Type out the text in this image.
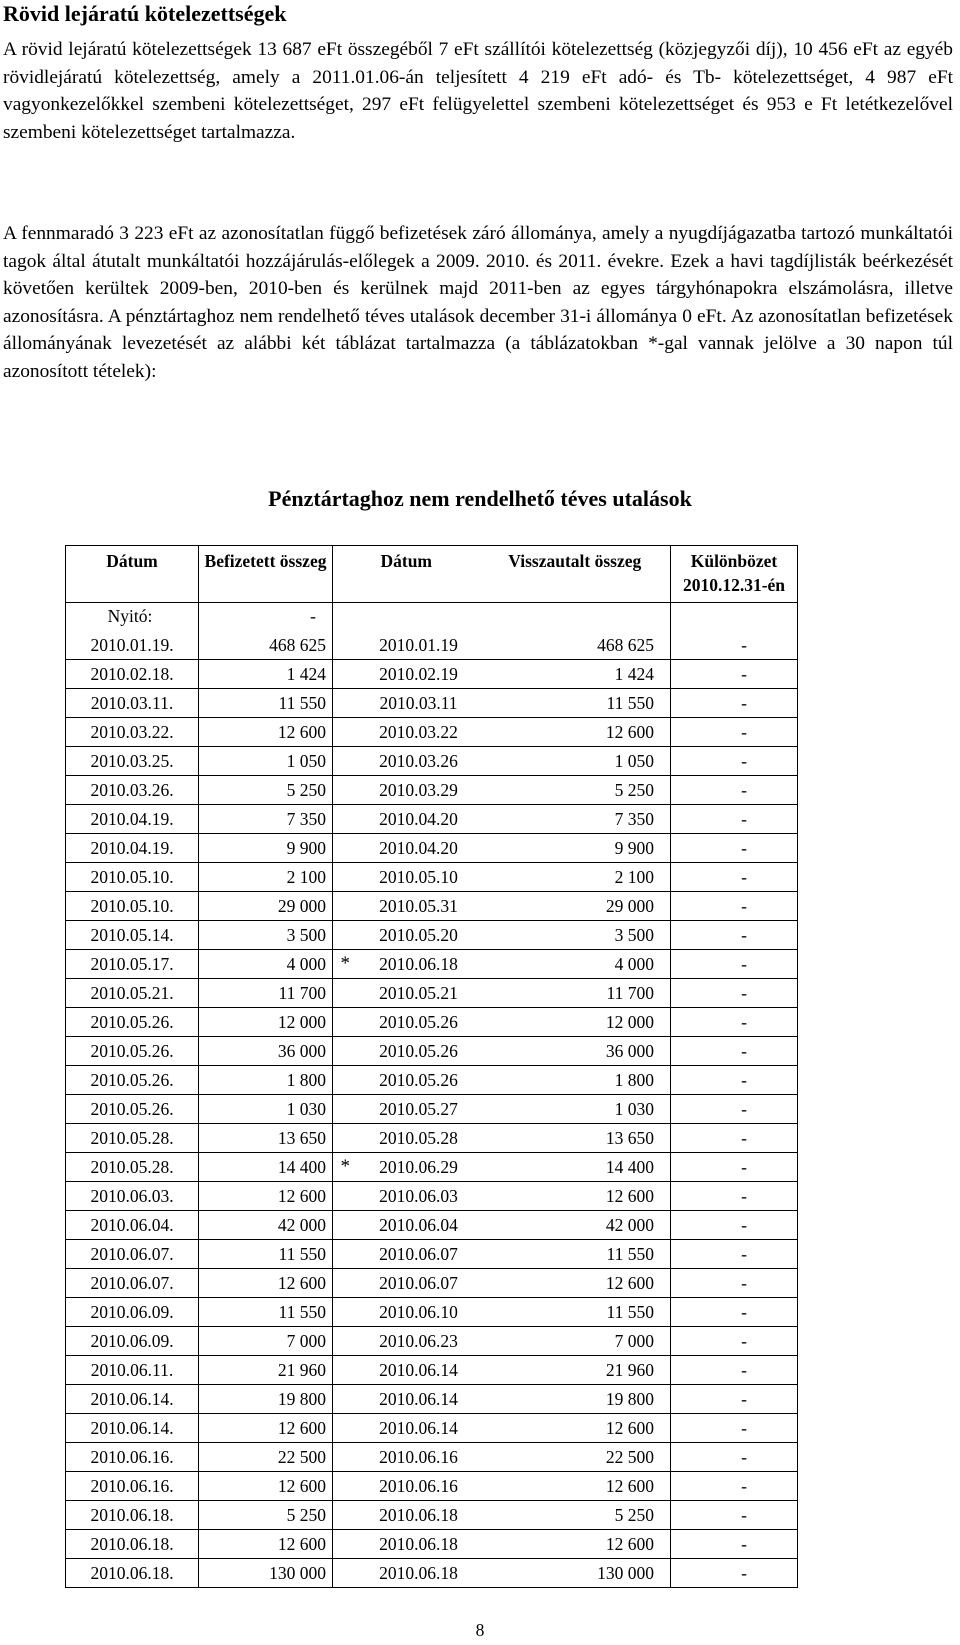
Rövid lejáratú kötelezettségek

A rövid lejáratú kötelezettségek 13 687 eFt összegéből 7 eFt szállítói kötelezettség (közjegyzői díj), 10 456 eFt az egyéb rövidlejáratú kötelezettség, amely a 2011.01.06-án teljesített 4 219 eFt adó- és Tb- kötelezettséget, 4 987 eFt vagyonkezelőkkel szembeni kötelezettséget, 297 eFt felügyelettel szembeni kötelezettséget és 953 e Ft letétkezelővel szembeni kötelezettséget tartalmazza.

A fennmaradó 3 223 eFt az azonosítatlan függő befizetések záró állománya, amely a nyugdíjágazatba tartozó munkáltatói tagok által átutalt munkáltatói hozzájárulás-előlegek a 2009. 2010. és 2011. évekre. Ezek a havi tagdíjlisták beérkezését követően kerültek 2009-ben, 2010-ben és kerülnek majd 2011-ben az egyes tárgyhónapokra elszámolásra, illetve azonosításra. A pénztártaghoz nem rendelhető téves utalások december 31-i állománya 0 eFt. Az azonosítatlan befizetések állományának levezetését az alábbi két táblázat tartalmazza (a táblázatokban *-gal vannak jelölve a 30 napon túl azonosított tételek):

Pénztártaghoz nem rendelhető téves utalások
Dátum	Befizetett összeg	Dátum		Visszautalt összeg	Különbözet 2010.12.31-én
Nyitó:	-				
2010.01.19.	468 625		2010.01.19	468 625	-
2010.02.18.	1 424		2010.02.19	1 424	-
2010.03.11.	11 550		2010.03.11	11 550	-
2010.03.22.	12 600		2010.03.22	12 600	-
2010.03.25.	1 050		2010.03.26	1 050	-
2010.03.26.	5 250		2010.03.29	5 250	-
2010.04.19.	7 350		2010.04.20	7 350	-
2010.04.19.	9 900		2010.04.20	9 900	-
2010.05.10.	2 100		2010.05.10	2 100	-
2010.05.10.	29 000		2010.05.31	29 000	-
2010.05.14.	3 500		2010.05.20	3 500	-
2010.05.17.	4 000	*	2010.06.18	4 000	-
2010.05.21.	11 700		2010.05.21	11 700	-
2010.05.26.	12 000		2010.05.26	12 000	-
2010.05.26.	36 000		2010.05.26	36 000	-
2010.05.26.	1 800		2010.05.26	1 800	-
2010.05.26.	1 030		2010.05.27	1 030	-
2010.05.28.	13 650		2010.05.28	13 650	-
2010.05.28.	14 400	*	2010.06.29	14 400	-
2010.06.03.	12 600		2010.06.03	12 600	-
2010.06.04.	42 000		2010.06.04	42 000	-
2010.06.07.	11 550		2010.06.07	11 550	-
2010.06.07.	12 600		2010.06.07	12 600	-
2010.06.09.	11 550		2010.06.10	11 550	-
2010.06.09.	7 000		2010.06.23	7 000	-
2010.06.11.	21 960		2010.06.14	21 960	-
2010.06.14.	19 800		2010.06.14	19 800	-
2010.06.14.	12 600		2010.06.14	12 600	-
2010.06.16.	22 500		2010.06.16	22 500	-
2010.06.16.	12 600		2010.06.16	12 600	-
2010.06.18.	5 250		2010.06.18	5 250	-
2010.06.18.	12 600		2010.06.18	12 600	-
2010.06.18.	130 000		2010.06.18	130 000	-
8
